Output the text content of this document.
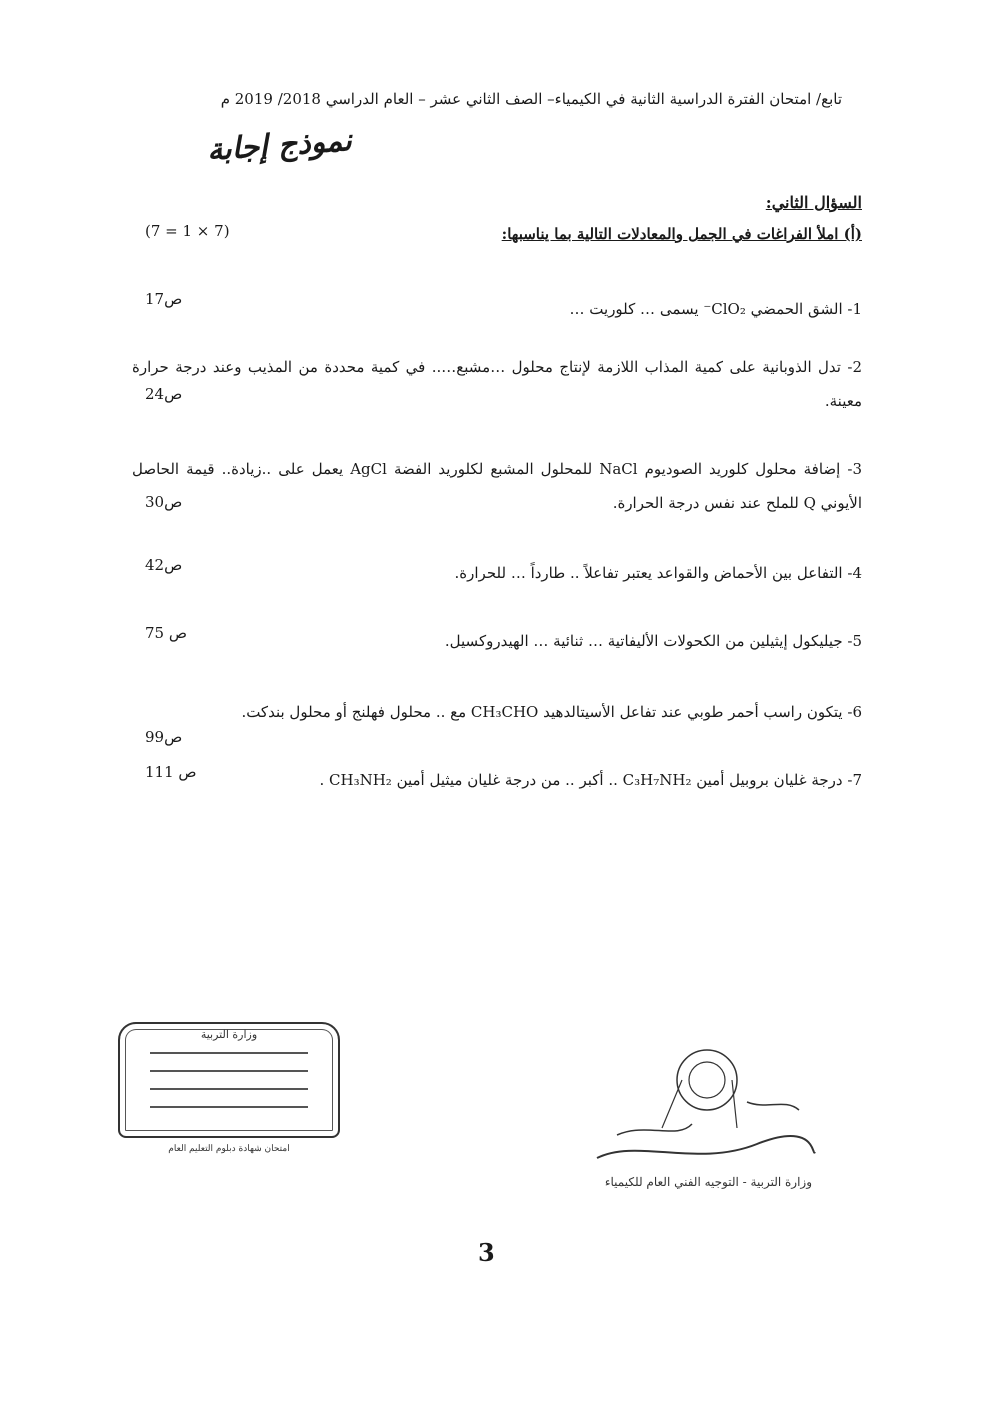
تابع/ امتحان الفترة الدراسية الثانية في الكيمياء– الصف الثاني عشر – العام الدراسي 2018/ 2019 م
نموذج إجابة
السؤال الثاني:
(أ) املأ الفراغات في الجمل والمعادلات التالية بما يناسبها:
(7 = 1 × 7)
1- الشق الحمضي ClO₂⁻ يسمى … كلوريت …
ص17
2- تدل الذوبانية على كمية المذاب اللازمة لإنتاج محلول …مشبع….. في كمية محددة من المذيب وعند درجة حرارة معينة.
ص24
3- إضافة محلول كلوريد الصوديوم NaCl للمحلول المشبع لكلوريد الفضة AgCl يعمل على ..زيادة.. قيمة الحاصل الأيوني Q للملح عند نفس درجة الحرارة.
ص30
4- التفاعل بين الأحماض والقواعد يعتبر تفاعلاً .. طارداً … للحرارة.
ص42
5- جيليكول إيثيلين من الكحولات الأليفاتية … ثنائية … الهيدروكسيل.
ص 75
6- يتكون راسب أحمر طوبي عند تفاعل الأسيتالدهيد CH₃CHO مع .. محلول فهلنج أو محلول بندكت.
ص99
7- درجة غليان بروبيل أمين C₃H₇NH₂ .. أكبر .. من درجة غليان ميثيل أمين CH₃NH₂ .
ص 111
وزارة التربية
امتحان شهادة دبلوم التعليم العام
وزارة التربية - التوجيه الفني العام للكيمياء
3
